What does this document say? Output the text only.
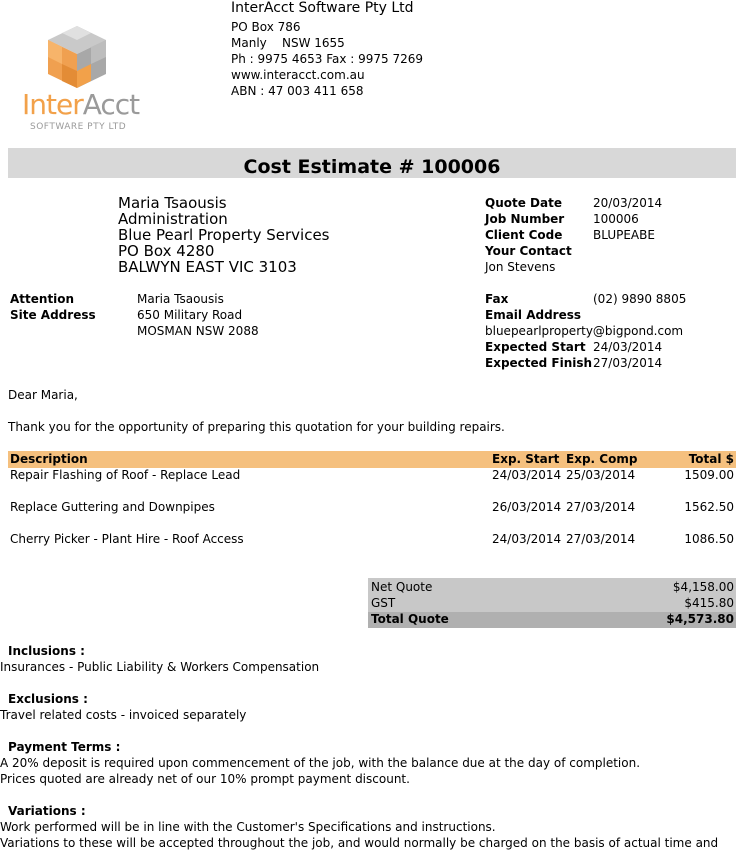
InterAcct
SOFTWARE PTY LTD
InterAcct Software Pty Ltd
PO Box 786
Manly    NSW 1655
Ph : 9975 4653 Fax : 9975 7269
www.interacct.com.au
ABN : 47 003 411 658
Cost Estimate # 100006
Maria Tsaousis
Administration
Blue Pearl Property Services
PO Box 4280
BALWYN EAST VIC 3103
Quote Date	20/03/2014
Job Number 100006
Client Code	BLUPEABE
Your Contact
Jon Stevens
Attention	Maria Tsaousis
Site Address	650 Military Road
MOSMAN NSW 2088
Fax	(02) 9890 8805
Email Address
bluepearlproperty@bigpond.com
Expected Start 24/03/2014
Expected Finish 27/03/2014
Dear Maria,
Thank you for the opportunity of preparing this quotation for your building repairs.
Description	Exp. Start Exp. Comp	Total $
Repair Flashing of Roof - Replace Lead	24/03/2014 25/03/2014	1509.00
Replace Guttering and Downpipes	26/03/2014 27/03/2014	1562.50
Cherry Picker - Plant Hire - Roof Access	24/03/2014 27/03/2014	1086.50
Net Quote	$4,158.00
GST	$415.80
Total Quote	$4,573.80
Inclusions :
Insurances - Public Liability & Workers Compensation
Exclusions :
Travel related costs - invoiced separately
Payment Terms :
A 20% deposit is required upon commencement of the job, with the balance due at the day of completion.
Prices quoted are already net of our 10% prompt payment discount.
Variations :
Work performed will be in line with the Customer's Specifications and instructions.
Variations to these will be accepted throughout the job, and would normally be charged on the basis of actual time and
